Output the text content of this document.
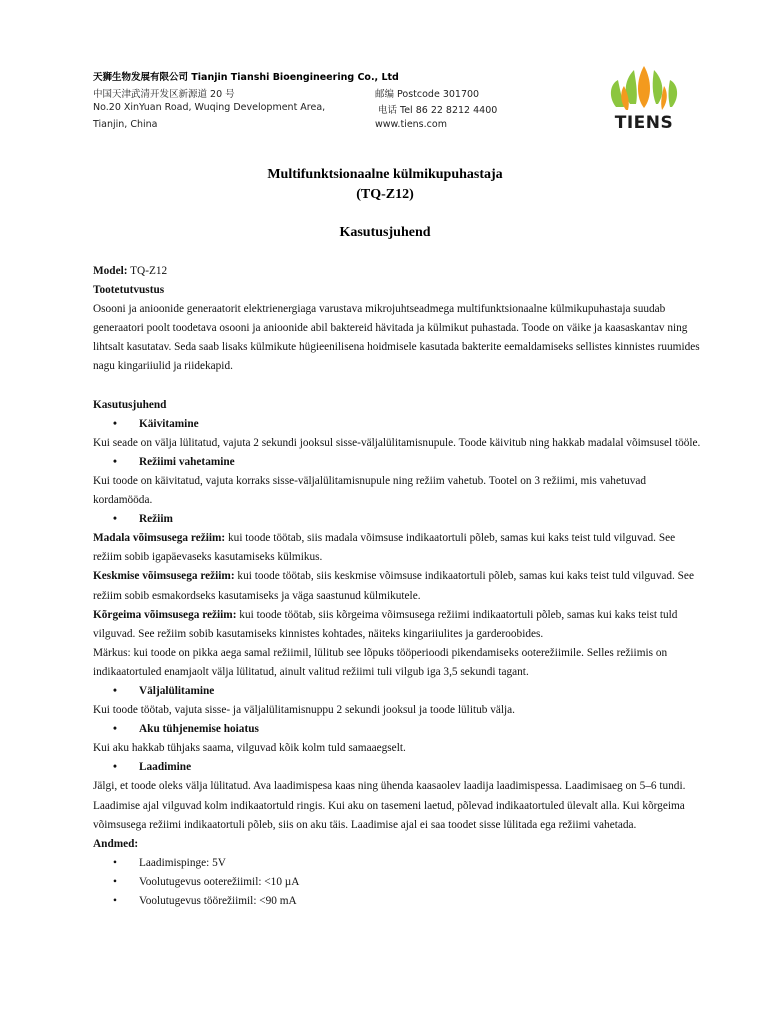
天狮生物发展有限公司 Tianjin Tianshi Bioengineering Co., Ltd
中国天津武清开发区新源道 20 号
No.20 XinYuan Road, Wuqing Development Area,
Tianjin, China
邮编 Postcode 301700
电话 Tel 86 22 8212 4400
www.tiens.com	TIENS
Multifunktsionaalne külmikupuhastaja
(TQ-Z12)
Kasutusjuhend

Model: TQ-Z12

Tootetutvustus

Osooni ja anioonide generaatorit elektrienergiaga varustava mikrojuhtseadmega multifunktsionaalne külmikupuhastaja suudab generaatori poolt toodetava osooni ja anioonide abil baktereid hävitada ja külmikut puhastada. Toode on väike ja kaasaskantav ning lihtsalt kasutatav. Seda saab lisaks külmikute hügieenilisena hoidmisele kasutada bakterite eemaldamiseks sellistes kinnistes ruumides nagu kingariiulid ja riidekapid.

Kasutusjuhend

• Käivitamine

Kui seade on välja lülitatud, vajuta 2 sekundi jooksul sisse-väljalülitamisnupule. Toode käivitub ning hakkab madalal võimsusel tööle.

• Režiimi vahetamine

Kui toode on käivitatud, vajuta korraks sisse-väljalülitamisnupule ning režiim vahetub. Tootel on 3 režiimi, mis vahetuvad kordamööda.

• Režiim

Madala võimsusega režiim: kui toode töötab, siis madala võimsuse indikaatortuli põleb, samas kui kaks teist tuld vilguvad. See režiim sobib igapäevaseks kasutamiseks külmikus.

Keskmise võimsusega režiim: kui toode töötab, siis keskmise võimsuse indikaatortuli põleb, samas kui kaks teist tuld vilguvad. See režiim sobib esmakordseks kasutamiseks ja väga saastunud külmikutele.

Kõrgeima võimsusega režiim: kui toode töötab, siis kõrgeima võimsusega režiimi indikaatortuli põleb, samas kui kaks teist tuld vilguvad. See režiim sobib kasutamiseks kinnistes kohtades, näiteks kingariiulites ja garderoobides.

Märkus: kui toode on pikka aega samal režiimil, lülitub see lõpuks tööperioodi pikendamiseks ooterežiimile. Selles režiimis on indikaatortuled enamjaolt välja lülitatud, ainult valitud režiimi tuli vilgub iga 3,5 sekundi tagant.

• Väljalülitamine

Kui toode töötab, vajuta sisse- ja väljalülitamisnuppu 2 sekundi jooksul ja toode lülitub välja.

• Aku tühjenemise hoiatus

Kui aku hakkab tühjaks saama, vilguvad kõik kolm tuld samaaegselt.

• Laadimine

Jälgi, et toode oleks välja lülitatud. Ava laadimispesa kaas ning ühenda kaasaolev laadija laadimispessa. Laadimisaeg on 5–6 tundi. Laadimise ajal vilguvad kolm indikaatortuld ringis. Kui aku on tasemeni laetud, põlevad indikaatortuled ülevalt alla. Kui kõrgeima võimsusega režiimi indikaatortuli põleb, siis on aku täis. Laadimise ajal ei saa toodet sisse lülitada ega režiimi vahetada.

Andmed:

• Laadimispinge: 5V

• Voolutugevus ooterežiimil: <10 µA

• Voolutugevus töörežiimil: <90 mA
